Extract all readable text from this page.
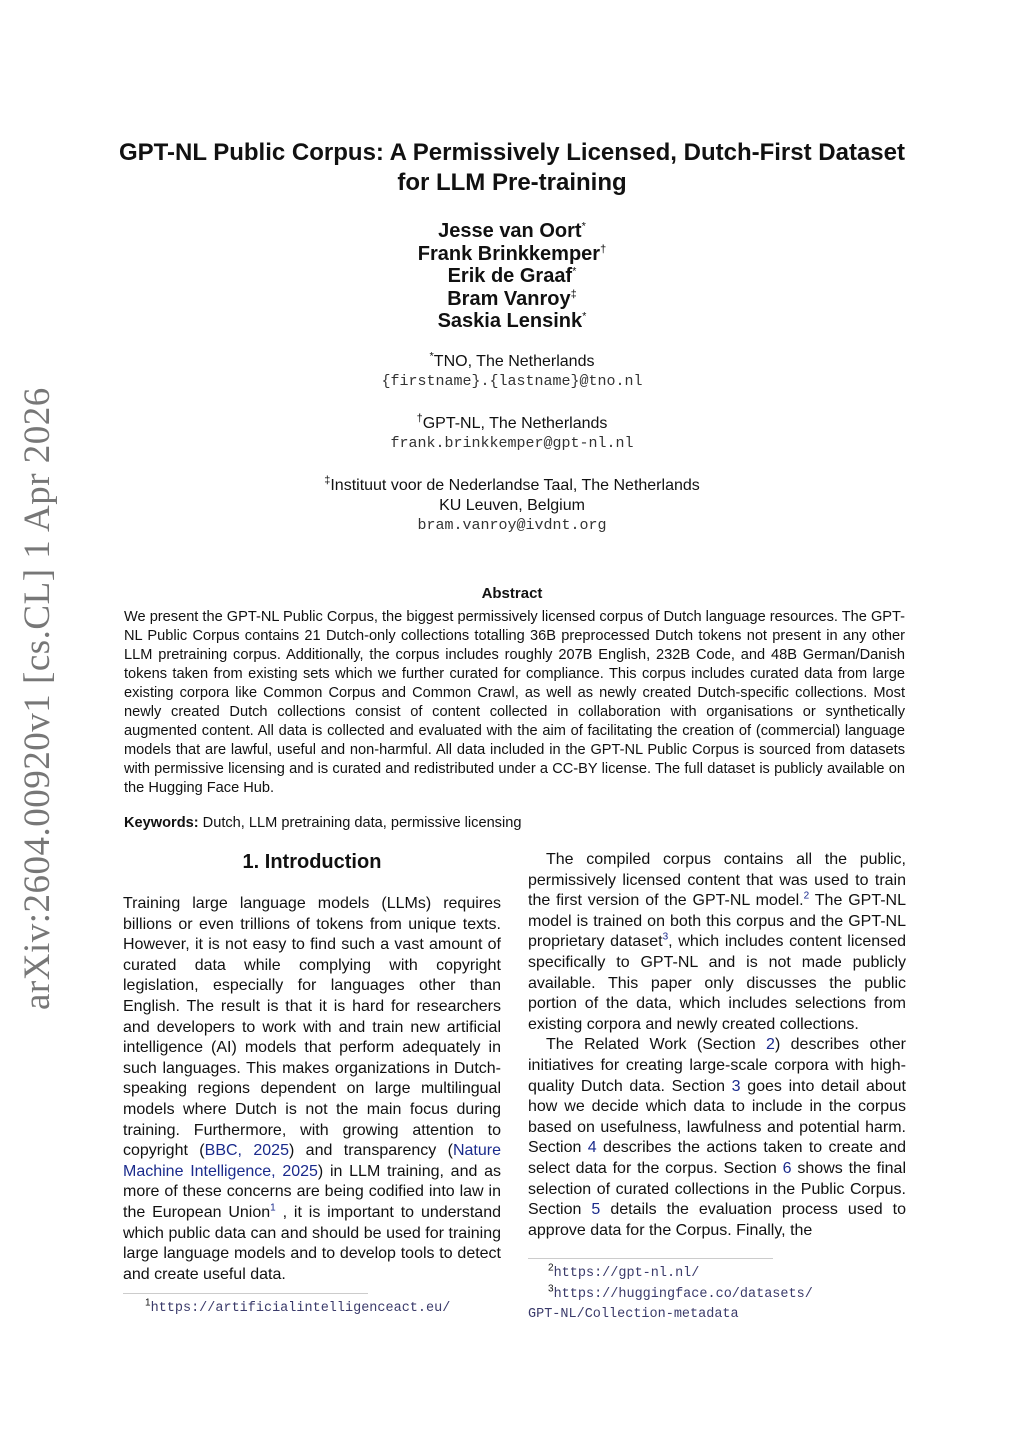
arXiv:2604.00920v1 [cs.CL] 1 Apr 2026
GPT-NL Public Corpus: A Permissively Licensed, Dutch-First Dataset for LLM Pre-training
Jesse van Oort*
Frank Brinkkemper†
Erik de Graaf*
Bram Vanroy‡
Saskia Lensink*
*TNO, The Netherlands
{firstname}.{lastname}@tno.nl
†GPT-NL, The Netherlands
frank.brinkkemper@gpt-nl.nl
‡Instituut voor de Nederlandse Taal, The Netherlands
KU Leuven, Belgium
bram.vanroy@ivdnt.org
Abstract

We present the GPT-NL Public Corpus, the biggest permissively licensed corpus of Dutch language resources. The GPT-NL Public Corpus contains 21 Dutch-only collections totalling 36B preprocessed Dutch tokens not present in any other LLM pretraining corpus. Additionally, the corpus includes roughly 207B English, 232B Code, and 48B German/Danish tokens taken from existing sets which we further curated for compliance. This corpus includes curated data from large existing corpora like Common Corpus and Common Crawl, as well as newly created Dutch-specific collections. Most newly created Dutch collections consist of content collected in collaboration with organisations or synthetically augmented content. All data is collected and evaluated with the aim of facilitating the creation of (commercial) language models that are lawful, useful and non-harmful. All data included in the GPT-NL Public Corpus is sourced from datasets with permissive licensing and is curated and redistributed under a CC-BY license. The full dataset is publicly available on the Hugging Face Hub.

Keywords: Dutch, LLM pretraining data, permissive licensing

1. Introduction

Training large language models (LLMs) requires billions or even trillions of tokens from unique texts. However, it is not easy to find such a vast amount of curated data while complying with copyright legislation, especially for languages other than English. The result is that it is hard for researchers and developers to work with and train new artificial intelligence (AI) models that perform adequately in such languages. This makes organizations in Dutch-speaking regions dependent on large multilingual models where Dutch is not the main focus during training. Furthermore, with growing attention to copyright (BBC, 2025) and transparency (Nature Machine Intelligence, 2025) in LLM training, and as more of these concerns are being codified into law in the European Union$^1$ , it is important to understand which public data can and should be used for training large language models and to develop tools to detect and create useful data.

The compiled corpus contains all the public, permissively licensed content that was used to train the first version of the GPT-NL model.$^2$ The GPT-NL model is trained on both this corpus and the GPT-NL proprietary dataset$^3$, which includes content licensed specifically to GPT-NL and is not made publicly available. This paper only discusses the public portion of the data, which includes selections from existing corpora and newly created collections.

The Related Work (Section 2) describes other initiatives for creating large-scale corpora with high-quality Dutch data. Section 3 goes into detail about how we decide which data to include in the corpus based on usefulness, lawfulness and potential harm. Section 4 describes the actions taken to create and select data for the corpus. Section 6 shows the final selection of curated collections in the Public Corpus. Section 5 details the evaluation process used to approve data for the Corpus. Finally, the

$^1$https://artificialintelligenceact.eu/
$^2$https://gpt-nl.nl/
$^3$https://huggingface.co/datasets/
GPT-NL/Collection-metadata
